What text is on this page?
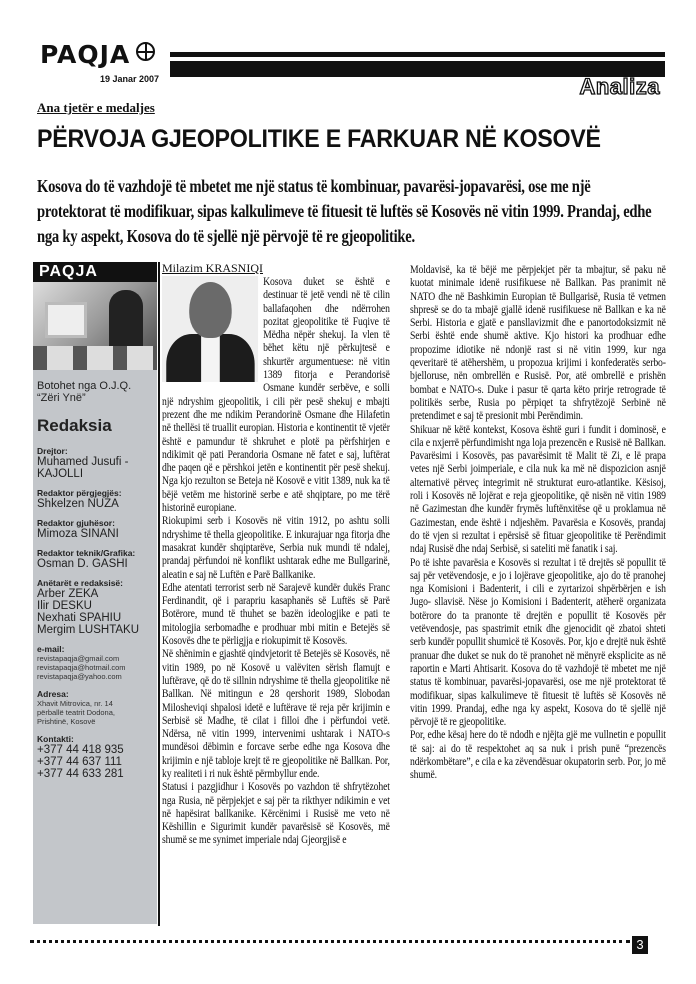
PAQJA
19 Janar 2007	Analiza
Ana tjetër e medaljes
PËRVOJA GJEOPOLITIKE E FARKUAR NË KOSOVË
Kosova do të vazhdojë të mbetet me një status të kombinuar, pavarësi-jopavarësi, ose me një protektorat të modifikuar, sipas kalkulimeve të fituesit të luftës së Kosovës në vitin 1999. Prandaj, edhe nga ky aspekt, Kosova do të sjellë një përvojë të re gjeopolitike.
PAQJA
Botohet nga O.J.Q. “Zëri Ynë”
Redaksia
Drejtor:
Muhamed Jusufi - KAJOLLI
Redaktor përgjegjës:
Shkelzen NUZA
Redaktor gjuhësor:
Mimoza SINANI
Redaktor teknik/Grafika:
Osman D. GASHI
Anëtarët e redaksisë:
Arber ZEKA
Ilir DESKU
Nexhati SPAHIU
Mergim LUSHTAKU
e-mail:
revistapaqja@gmail.com
revistapaqja@hotmail.com
revistapaqja@yahoo.com
Adresa:
Xhavit Mitrovica, nr. 14
përballë teatrit Dodona,
Prishtinë, Kosovë
Kontakti:
+377 44 418 935
+377 44 637 111
+377 44 633 281
Milazim KRASNIQI

Kosova duket se është e destinuar të jetë vendi në të cilin ballafaqohen dhe ndërrohen pozitat gjeopolitike të Fuqive të Mëdha nëpër shekuj. Ia vlen të bëhet këtu një përkujtesë e shkurtër argumentuese: në vitin 1389 fitorja e Perandorisë Osmane kundër serbëve, e solli një ndryshim gjeopolitik, i cili për pesë shekuj e mbajti prezent dhe me ndikim Perandorinë Osmane dhe Hilafetin në thellësi të truallit europian. Historia e kontinentit të vjetër është e pamundur të shkruhet e plotë pa përfshirjen e ndikimit që pati Perandoria Osmane në fatet e saj, luftërat dhe paqen që e përshkoi jetën e kontinentit për pesë shekuj. Nga kjo rezulton se Beteja në Kosovë e vitit 1389, nuk ka të bëjë vetëm me historinë serbe e atë shqiptare, po me tërë historinë europiane.

Riokupimi serb i Kosovës në vitin 1912, po ashtu solli ndryshime të thella gjeopolitike. E inkurajuar nga fitorja dhe masakrat kundër shqiptarëve, Serbia nuk mundi të ndalej, prandaj përfundoi në konflikt ushtarak edhe me Bullgarinë, aleatin e saj në Luftën e Parë Ballkanike.

Edhe atentati terrorist serb në Sarajevë kundër dukës Franc Ferdinandit, që i parapriu kasaphanës së Luftës së Parë Botërore, mund të thuhet se bazën ideologjike e pati te mitologjia serbomadhe e prodhuar mbi mitin e Betejës së Kosovës dhe te përligjja e riokupimit të Kosovës.

Në shënimin e gjashtë qindvjetorit të Betejës së Kosovës, në vitin 1989, po në Kosovë u valëviten sërish flamujt e luftërave, që do të sillnin ndryshime të thella gjeopolitike në Ballkan. Në mitingun e 28 qershorit 1989, Slobodan Milosheviqi shpalosi idetë e luftërave të reja për krijimin e Serbisë së Madhe, të cilat i filloi dhe i përfundoi vetë. Ndërsa, në vitin 1999, intervenimi ushtarak i NATO-s mundësoi dëbimin e forcave serbe edhe nga Kosova dhe krijimin e një tabloje krejt të re gjeopolitike në Ballkan. Por, ky realiteti i ri nuk është përmbyllur ende.

Statusi i pazgjidhur i Kosovës po vazhdon të shfrytëzohet nga Rusia, në përpjekjet e saj për ta rikthyer ndikimin e vet në hapësirat ballkanike. Kërcënimi i Rusisë me veto në Këshillin e Sigurimit kundër pavarësisë së Kosovës, më shumë se me synimet imperiale ndaj Gjeorgjisë e

Moldavisë, ka të bëjë me përpjekjet për ta mbajtur, së paku në kuotat minimale idenë rusifikuese në Ballkan. Pas pranimit në NATO dhe në Bashkimin Europian të Bullgarisë, Rusia të vetmen shpresë se do ta mbajë gjallë idenë rusifikuese në Ballkan e ka në Serbi. Historia e gjatë e pansllavizmit dhe e panortodoksizmit në Serbi është ende shumë aktive. Kjo histori ka prodhuar edhe propozime idiotike në ndonjë rast si në vitin 1999, kur nga qeveritarë të atëhershëm, u propozua krijimi i konfederatës serbo-bjelloruse, nën ombrellën e Rusisë. Por, atë ombrellë e prishën bombat e NATO-s. Duke i pasur të qarta këto prirje retrograde të politikës serbe, Rusia po përpiqet ta shfrytëzojë Serbinë në pretendimet e saj të presionit mbi Perëndimin.

Shikuar në këtë kontekst, Kosova është guri i fundit i dominosë, e cila e nxjerrë përfundimisht nga loja prezencën e Rusisë në Ballkan. Pavarësimi i Kosovës, pas pavarësimit të Malit të Zi, e lë prapa vetes një Serbi joimperiale, e cila nuk ka më në dispozicion asnjë alternativë përveç integrimit në strukturat euro-atlantike. Kësisoj, roli i Kosovës në lojërat e reja gjeopolitike, që nisën në vitin 1989 në Gazimestan dhe kundër frymës luftënxitëse që u proklamua në Gazimestan, ende është i ndjeshëm. Pavarësia e Kosovës, prandaj do të vjen si rezultat i epërsisë së fituar gjeopolitike të Perëndimit ndaj Rusisë dhe ndaj Serbisë, si sateliti më fanatik i saj.

Po të ishte pavarësia e Kosovës si rezultat i të drejtës së popullit të saj për vetëvendosje, e jo i lojërave gjeopolitike, ajo do të pranohej nga Komisioni i Badenterit, i cili e zyrtarizoi shpërbërjen e ish Jugo- sllavisë. Nëse jo Komisioni i Badenterit, atëherë organizata botërore do ta pranonte të drejtën e popullit të Kosovës për vetëvendosje, pas spastrimit etnik dhe gjenocidit që zbatoi shteti serb kundër popullit shumicë të Kosovës. Por, kjo e drejtë nuk është pranuar dhe duket se nuk do të pranohet në mënyrë eksplicite as në raportin e Marti Ahtisarit. Kosova do të vazhdojë të mbetet me një status të kombinuar, pavarësi-jopavarësi, ose me një protektorat të modifikuar, sipas kalkulimeve të fituesit të luftës së Kosovës në vitin 1999. Prandaj, edhe nga ky aspekt, Kosova do të sjellë një përvojë të re gjeopolitike.

Por, edhe kësaj here do të ndodh e njëjta gjë me vullnetin e popullit të saj: ai do të respektohet aq sa nuk i prish punë “prezencës ndërkombëtare”, e cila e ka zëvendësuar okupatorin serb. Por, jo më shumë.

3
